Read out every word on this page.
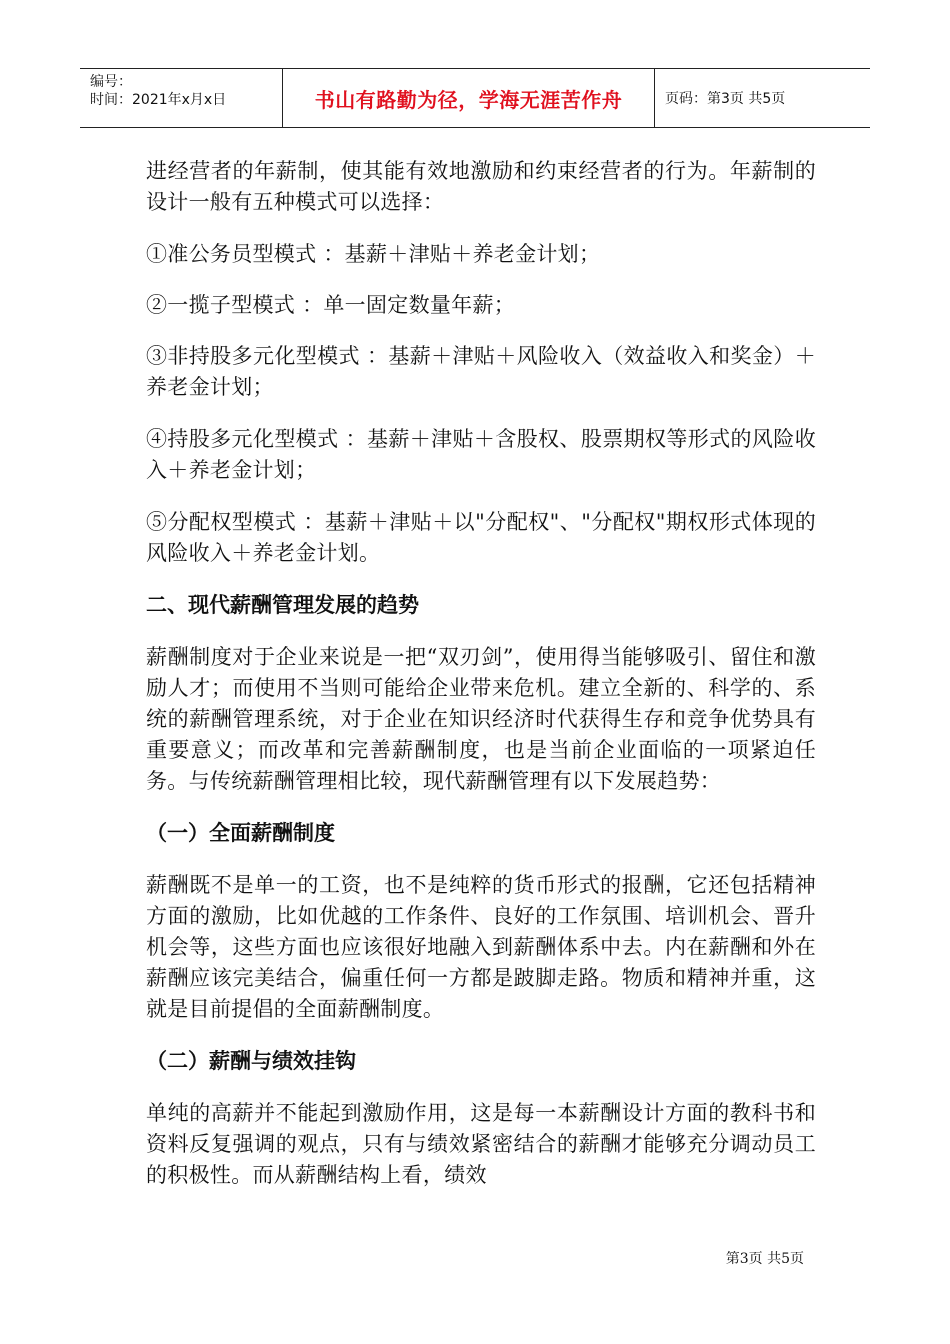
编号：
时间：2021年x月x日	书山有路勤为径，学海无涯苦作舟	页码：第3页 共5页

进经营者的年薪制，使其能有效地激励和约束经营者的行为。年薪制的设计一般有五种模式可以选择：

①准公务员型模式 ：基薪＋津贴＋养老金计划；

②一揽子型模式 ：单一固定数量年薪；

③非持股多元化型模式 ：基薪＋津贴＋风险收入（效益收入和奖金）＋养老金计划；

④持股多元化型模式 ：基薪＋津贴＋含股权、股票期权等形式的风险收入＋养老金计划；

⑤分配权型模式 ：基薪＋津贴＋以"分配权"、"分配权"期权形式体现的风险收入＋养老金计划。

二、现代薪酬管理发展的趋势

薪酬制度对于企业来说是一把“双刃剑”，使用得当能够吸引、留住和激励人才；而使用不当则可能给企业带来危机。建立全新的、科学的、系统的薪酬管理系统，对于企业在知识经济时代获得生存和竞争优势具有重要意义；而改革和完善薪酬制度，也是当前企业面临的一项紧迫任务。与传统薪酬管理相比较，现代薪酬管理有以下发展趋势：

（一）全面薪酬制度

薪酬既不是单一的工资，也不是纯粹的货币形式的报酬，它还包括精神方面的激励，比如优越的工作条件、良好的工作氛围、培训机会、晋升机会等，这些方面也应该很好地融入到薪酬体系中去。内在薪酬和外在薪酬应该完美结合，偏重任何一方都是跛脚走路。物质和精神并重，这就是目前提倡的全面薪酬制度。

（二）薪酬与绩效挂钩

单纯的高薪并不能起到激励作用，这是每一本薪酬设计方面的教科书和资料反复强调的观点，只有与绩效紧密结合的薪酬才能够充分调动员工的积极性。而从薪酬结构上看，绩效

第3页 共5页
